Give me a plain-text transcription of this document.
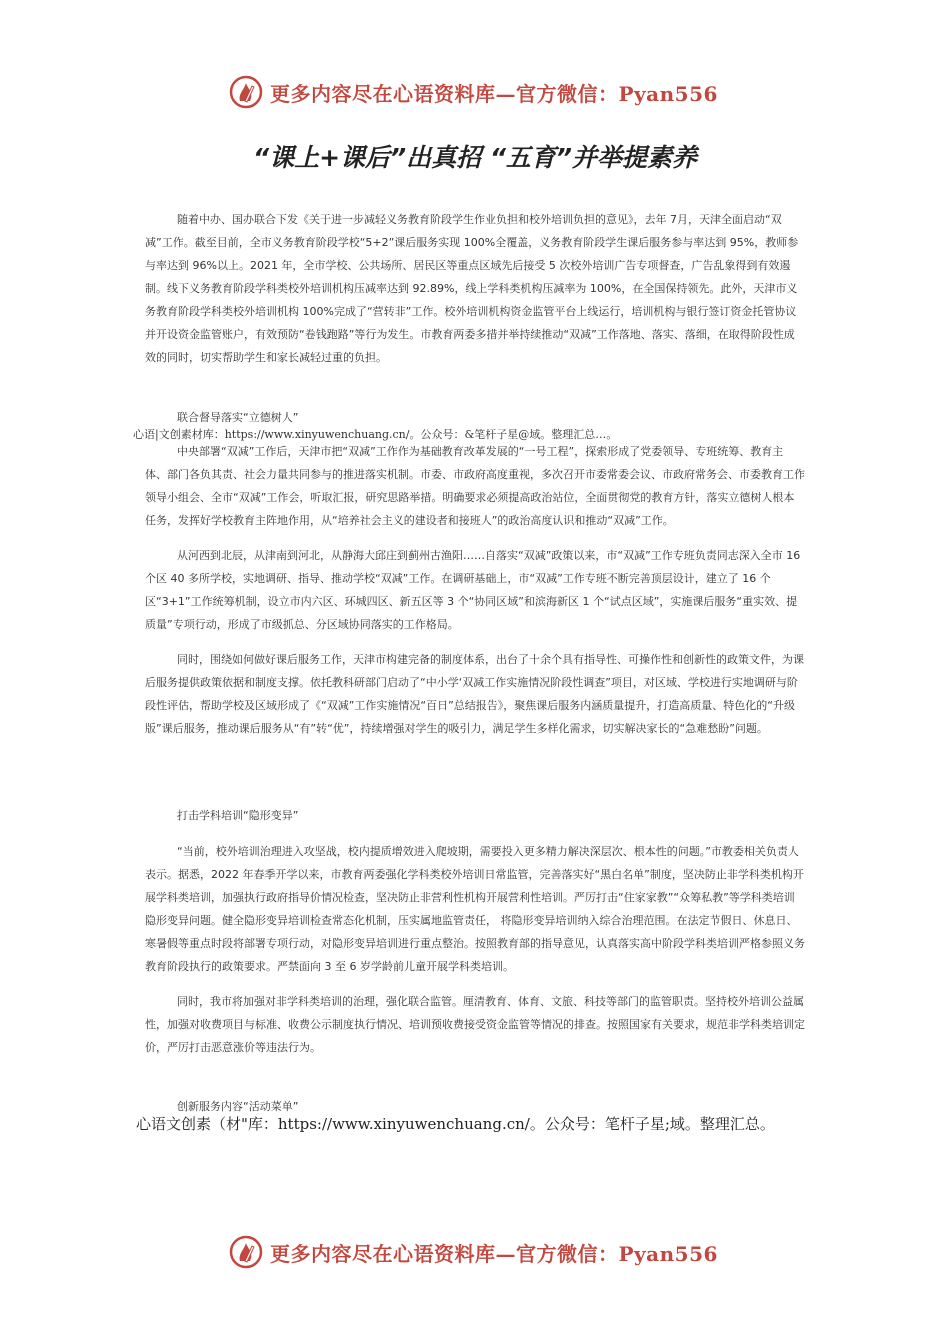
更多内容尽在心语资料库—官方微信：Pyan556
“课上+课后”出真招 “五育”并举提素养

随着中办、国办联合下发《关于进一步减轻义务教育阶段学生作业负担和校外培训负担的意见》，去年 7月，天津全面启动“双减”工作。截至目前，全市义务教育阶段学校“5+2”课后服务实现 100%全覆盖，义务教育阶段学生课后服务参与率达到 95%，教师参与率达到 96%以上。2021 年，全市学校、公共场所、居民区等重点区域先后接受 5 次校外培训广告专项督查，广告乱象得到有效遏制。线下义务教育阶段学科类校外培训机构压减率达到 92.89%，线上学科类机构压减率为 100%，在全国保持领先。此外，天津市义务教育阶段学科类校外培训机构 100%完成了“营转非”工作。校外培训机构资金监管平台上线运行，培训机构与银行签订资金托管协议并开设资金监管账户，有效预防“卷钱跑路”等行为发生。市教育两委多措并举持续推动“双减”工作落地、落实、落细，在取得阶段性成效的同时，切实帮助学生和家长减轻过重的负担。

联合督导落实“立德树人”

心语|文创素材库：https://www.xinyuwenchuang.cn/。公众号：&笔杆子星@域。整理汇总…。

中央部署“双减”工作后，天津市把“双减”工作作为基础教育改革发展的“一号工程”，探索形成了党委领导、专班统筹、教育主体、部门各负其责、社会力量共同参与的推进落实机制。市委、市政府高度重视，多次召开市委常委会议、市政府常务会、市委教育工作领导小组会、全市“双减”工作会，听取汇报，研究思路举措。明确要求必须提高政治站位，全面贯彻党的教育方针，落实立德树人根本任务，发挥好学校教育主阵地作用，从“培养社会主义的建设者和接班人”的政治高度认识和推动“双减”工作。

从河西到北辰，从津南到河北，从静海大邱庄到蓟州古渔阳……自落实“双减”政策以来，市“双减”工作专班负责同志深入全市 16 个区 40 多所学校，实地调研、指导、推动学校“双减”工作。在调研基础上，市“双减”工作专班不断完善顶层设计，建立了 16 个区“3+1”工作统筹机制，设立市内六区、环城四区、新五区等 3 个“协同区域”和滨海新区 1 个“试点区域”，实施课后服务“重实效、提质量”专项行动，形成了市级抓总、分区域协同落实的工作格局。

同时，围绕如何做好课后服务工作，天津市构建完备的制度体系，出台了十余个具有指导性、可操作性和创新性的政策文件，为课后服务提供政策依据和制度支撑。依托教科研部门启动了“中小学‘双减工作实施情况阶段性调查”项目，对区域、学校进行实地调研与阶段性评估，帮助学校及区域形成了《“双减”工作实施情况“百日”总结报告》，聚焦课后服务内涵质量提升，打造高质量、特色化的“升级版”课后服务，推动课后服务从“有”转“优”，持续增强对学生的吸引力，满足学生多样化需求，切实解决家长的“急难愁盼”问题。

打击学科培训“隐形变异”

“当前，校外培训治理进入攻坚战，校内提质增效进入爬坡期，需要投入更多精力解决深层次、根本性的问题。”市教委相关负责人表示。据悉，2022 年春季开学以来，市教育两委强化学科类校外培训日常监管，完善落实好“黑白名单”制度，坚决防止非学科类机构开展学科类培训，加强执行政府指导价情况检查，坚决防止非营利性机构开展营利性培训。严厉打击“住家家教”“众筹私教”等学科类培训隐形变异问题。健全隐形变异培训检查常态化机制，压实属地监管责任， 将隐形变异培训纳入综合治理范围。在法定节假日、休息日、寒暑假等重点时段将部署专项行动，对隐形变异培训进行重点整治。按照教育部的指导意见，认真落实高中阶段学科类培训严格参照义务教育阶段执行的政策要求。严禁面向 3 至 6 岁学龄前儿童开展学科类培训。

同时，我市将加强对非学科类培训的治理，强化联合监管。厘清教育、体育、文旅、科技等部门的监管职责。坚持校外培训公益属性，加强对收费项目与标准、收费公示制度执行情况、培训预收费接受资金监管等情况的排查。按照国家有关要求，规范非学科类培训定价，严厉打击恶意涨价等违法行为。

创新服务内容“活动菜单”

心语文创素（材"库：https://www.xinyuwenchuang.cn/。公众号：笔杆子星;域。整理汇总。
更多内容尽在心语资料库—官方微信：Pyan556
